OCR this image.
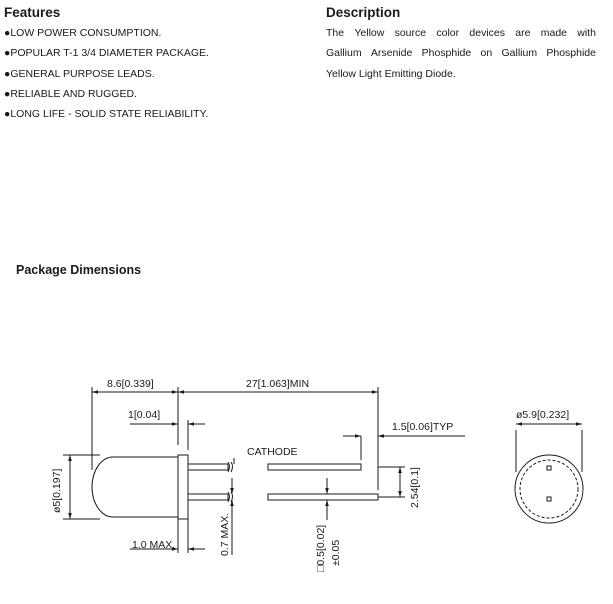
Features
●LOW POWER CONSUMPTION.
●POPULAR T-1 3/4 DIAMETER PACKAGE.
●GENERAL PURPOSE LEADS.
●RELIABLE AND RUGGED.
●LONG LIFE - SOLID STATE RELIABILITY.
Description
The Yellow source color devices are made with
Gallium Arsenide Phosphide on Gallium Phosphide
Yellow Light Emitting Diode.
Package Dimensions
8.6[0.339]	27[1.063]MIN
1[0.04]
1.5[0.06]TYP
ø5.9[0.232]
CATHODE
1.0 MAX.
ø5[0.197]	2.54[0.1]
0.7 MAX.	□0.5[0.02] ±0.05
